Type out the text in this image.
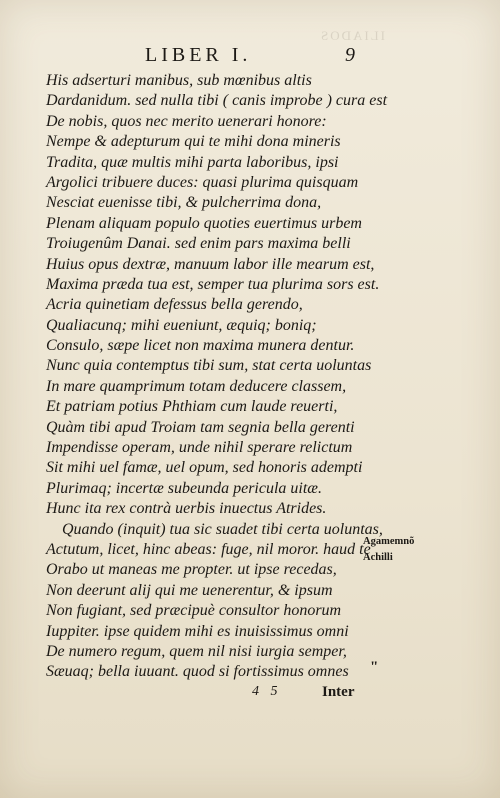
ILIADOS
LIBER I.	9
His adserturi manibus, sub mœnibus altis
Dardanidum. sed nulla tibi ( canis improbe ) cura est
De nobis, quos nec merito uenerari honore:
Nempe & adepturum qui te mihi dona mineris
Tradita, quæ multis mihi parta laboribus, ipsi
Argolici tribuere duces: quasi plurima quisquam
Nesciat euenisse tibi, & pulcherrima dona,
Plenam aliquam populo quoties euertimus urbem
Troiugenûm Danai. sed enim pars maxima belli
Huius opus dextræ, manuum labor ille mearum est,
Maxima præda tua est, semper tua plurima sors est.
Acria quinetiam defessus bella gerendo,
Qualiacunq; mihi eueniunt, æquiq; boniq;
Consulo, sæpe licet non maxima munera dentur.
Nunc quia contemptus tibi sum, stat certa uoluntas
In mare quamprimum totam deducere classem,
Et patriam potius Phthiam cum laude reuerti,
Quàm tibi apud Troiam tam segnia bella gerenti
Impendisse operam, unde nihil sperare relictum
Sit mihi uel famæ, uel opum, sed honoris adempti
Plurimaq; incertæ subeunda pericula uitæ.
Hunc ita rex contrà uerbis inuectus Atrides.
Quando (inquit) tua sic suadet tibi certa uoluntas,
Actutum, licet, hinc abeas: fuge, nil moror. haud te
Orabo ut maneas me propter. ut ipse recedas,
Non deerunt alij qui me uenerentur, & ipsum
Non fugiant, sed præcipuè consultor honorum
Iuppiter. ipse quidem mihi es inuisissimus omni
De numero regum, quem nil nisi iurgia semper,
Sæuaq; bella iuuant. quod si fortissimus omnes
Agamemnõ
Achilli
"
4 5	Inter
